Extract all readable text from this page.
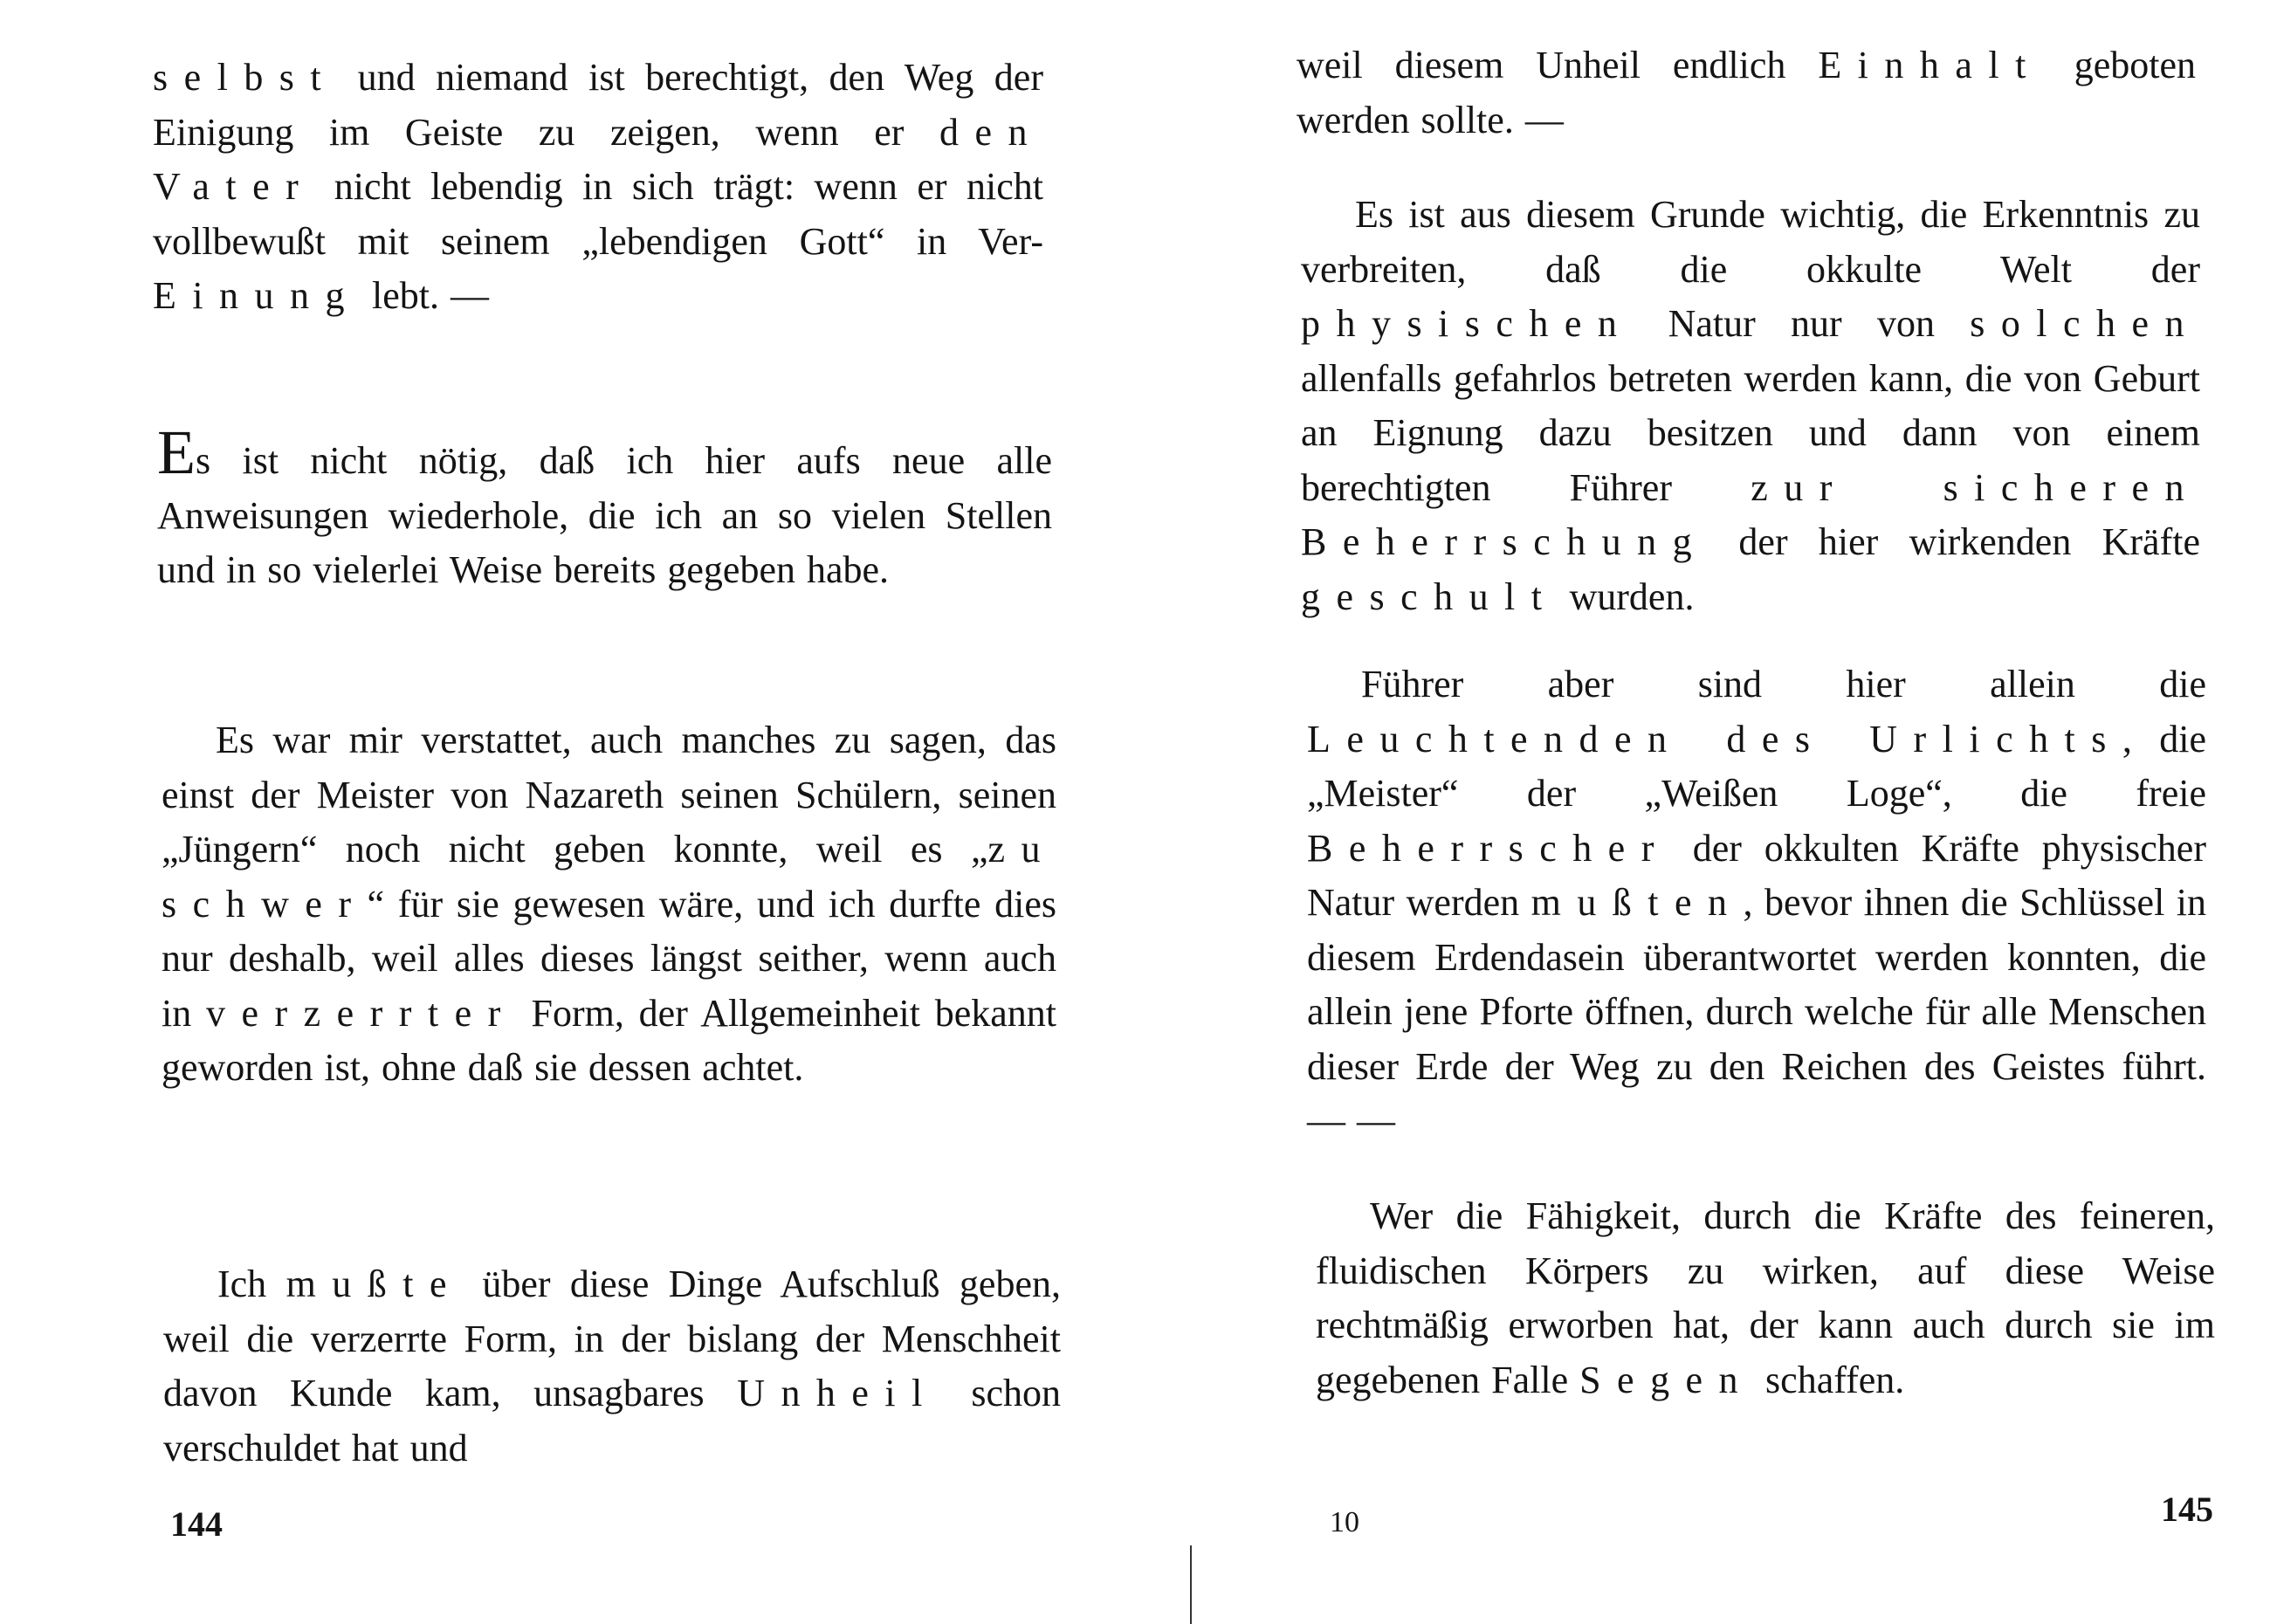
selbst und niemand ist berechtigt, den Weg der Einigung im Geiste zu zeigen, wenn er den Vater nicht lebendig in sich trägt: wenn er nicht vollbewußt mit seinem „lebendigen Gott“ in Ver-Einung lebt. —

Es ist nicht nötig, daß ich hier aufs neue alle Anweisungen wiederhole, die ich an so vielen Stellen und in so vielerlei Weise bereits gegeben habe.

Es war mir verstattet, auch manches zu sagen, das einst der Meister von Nazareth seinen Schülern, seinen „Jüngern“ noch nicht geben konnte, weil es „zu schwer“ für sie gewesen wäre, und ich durfte dies nur deshalb, weil alles dieses längst seither, wenn auch in verzerrter Form, der Allgemeinheit bekannt geworden ist, ohne daß sie dessen achtet.

Ich mußte über diese Dinge Aufschluß geben, weil die verzerrte Form, in der bislang der Menschheit davon Kunde kam, unsagbares Unheil schon verschuldet hat und

144

weil diesem Unheil endlich Einhalt geboten werden sollte. —

Es ist aus diesem Grunde wichtig, die Erkenntnis zu verbreiten, daß die okkulte Welt der physischen Natur nur von solchen allenfalls gefahrlos betreten werden kann, die von Geburt an Eignung dazu besitzen und dann von einem berechtigten Führer zur sicheren Beherrschung der hier wirkenden Kräfte geschult wurden.

Führer aber sind hier allein die Leuchtenden des Urlichts, die „Meister“ der „Weißen Loge“, die freie Beherrscher der okkulten Kräfte physischer Natur werden mußten, bevor ihnen die Schlüssel in diesem Erdendasein überantwortet werden konnten, die allein jene Pforte öffnen, durch welche für alle Menschen dieser Erde der Weg zu den Reichen des Geistes führt. — —

Wer die Fähigkeit, durch die Kräfte des feineren, fluidischen Körpers zu wirken, auf diese Weise rechtmäßig erworben hat, der kann auch durch sie im gegebenen Falle Segen schaffen.

10	145
